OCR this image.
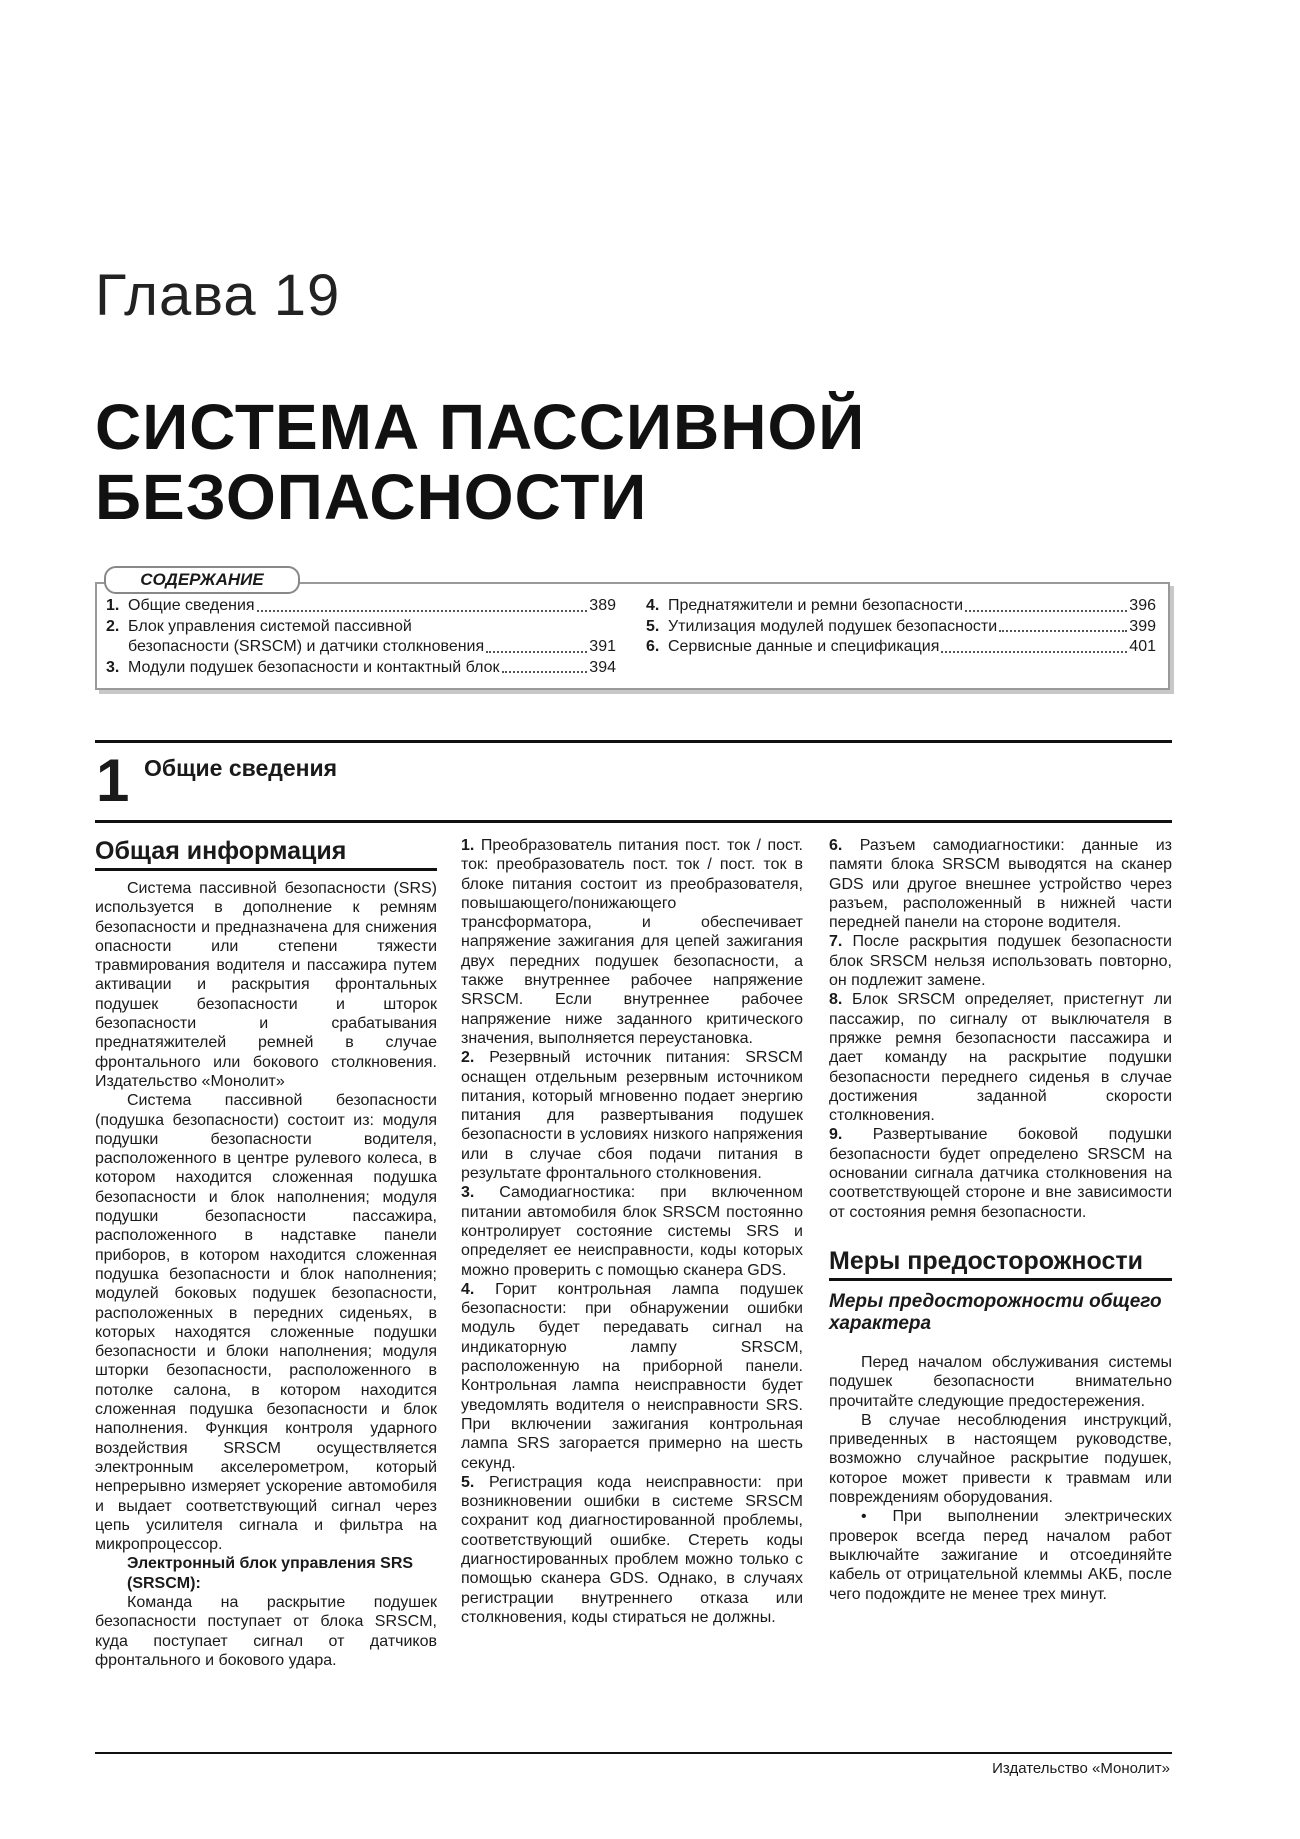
Глава 19
СИСТЕМА ПАССИВНОЙ
БЕЗОПАСНОСТИ
СОДЕРЖАНИЕ
1. Общие сведения	389
2. Блок управления системой пассивной
безопасности (SRSCM) и датчики столкновения	391
3. Модули подушек безопасности и контактный блок	394
4. Преднатяжители и ремни безопасности	396
5. Утилизация модулей подушек безопасности	399
6. Сервисные данные и спецификация	401
1 Общие сведения
Общая информация

Система пассивной безопасности (SRS) используется в дополнение к ремням безопасности и предназначена для снижения опасности или степени тяжести травмирования водителя и пассажира путем активации и раскрытия фронтальных подушек безопасности и шторок безопасности и срабатывания преднатяжителей ремней в случае фронтального или бокового столкновения. Издательство «Монолит»

Система пассивной безопасности (подушка безопасности) состоит из: модуля подушки безопасности водителя, расположенного в центре рулевого колеса, в котором находится сложенная подушка безопасности и блок наполнения; модуля подушки безопасности пассажира, расположенного в надставке панели приборов, в котором находится сложенная подушка безопасности и блок наполнения; модулей боковых подушек безопасности, расположенных в передних сиденьях, в которых находятся сложенные подушки безопасности и блоки наполнения; модуля шторки безопасности, расположенного в потолке салона, в котором находится сложенная подушка безопасности и блок наполнения. Функция контроля ударного воздействия SRSCM осуществляется электронным акселерометром, который непрерывно измеряет ускорение автомобиля и выдает соответствующий сигнал через цепь усилителя сигнала и фильтра на микропроцессор.

Электронный блок управления SRS (SRSCM):

Команда на раскрытие подушек безопасности поступает от блока SRSCM, куда поступает сигнал от датчиков фронтального и бокового удара.

1. Преобразователь питания пост. ток / пост. ток: преобразователь пост. ток / пост. ток в блоке питания состоит из преобразователя, повышающего/понижающего трансформатора, и обеспечивает напряжение зажигания для цепей зажигания двух передних подушек безопасности, а также внутреннее рабочее напряжение SRSCM. Если внутреннее рабочее напряжение ниже заданного критического значения, выполняется переустановка.

2. Резервный источник питания: SRSCM оснащен отдельным резервным источником питания, который мгновенно подает энергию питания для развертывания подушек безопасности в условиях низкого напряжения или в случае сбоя подачи питания в результате фронтального столкновения.

3. Самодиагностика: при включенном питании автомобиля блок SRSCM постоянно контролирует состояние системы SRS и определяет ее неисправности, коды которых можно проверить с помощью сканера GDS.

4. Горит контрольная лампа подушек безопасности: при обнаружении ошибки модуль будет передавать сигнал на индикаторную лампу SRSCM, расположенную на приборной панели. Контрольная лампа неисправности будет уведомлять водителя о неисправности SRS. При включении зажигания контрольная лампа SRS загорается примерно на шесть секунд.

5. Регистрация кода неисправности: при возникновении ошибки в системе SRSCM сохранит код диагностированной проблемы, соответствующий ошибке. Стереть коды диагностированных проблем можно только с помощью сканера GDS. Однако, в случаях регистрации внутреннего отказа или столкновения, коды стираться не должны.

6. Разъем самодиагностики: данные из памяти блока SRSCM выводятся на сканер GDS или другое внешнее устройство через разъем, расположенный в нижней части передней панели на стороне водителя.

7. После раскрытия подушек безопасности блок SRSCM нельзя использовать повторно, он подлежит замене.

8. Блок SRSCM определяет, пристегнут ли пассажир, по сигналу от выключателя в пряжке ремня безопасности пассажира и дает команду на раскрытие подушки безопасности переднего сиденья в случае достижения заданной скорости столкновения.

9. Развертывание боковой подушки безопасности будет определено SRSCM на основании сигнала датчика столкновения на соответствующей стороне и вне зависимости от состояния ремня безопасности.

Меры предосторожности
Меры предосторожности общего характера

Перед началом обслуживания системы подушек безопасности внимательно прочитайте следующие предостережения.

В случае несоблюдения инструкций, приведенных в настоящем руководстве, возможно случайное раскрытие подушек, которое может привести к травмам или повреждениям оборудования.

• При выполнении электрических проверок всегда перед началом работ выключайте зажигание и отсоединяйте кабель от отрицательной клеммы АКБ, после чего подождите не менее трех минут.

Издательство «Монолит»
